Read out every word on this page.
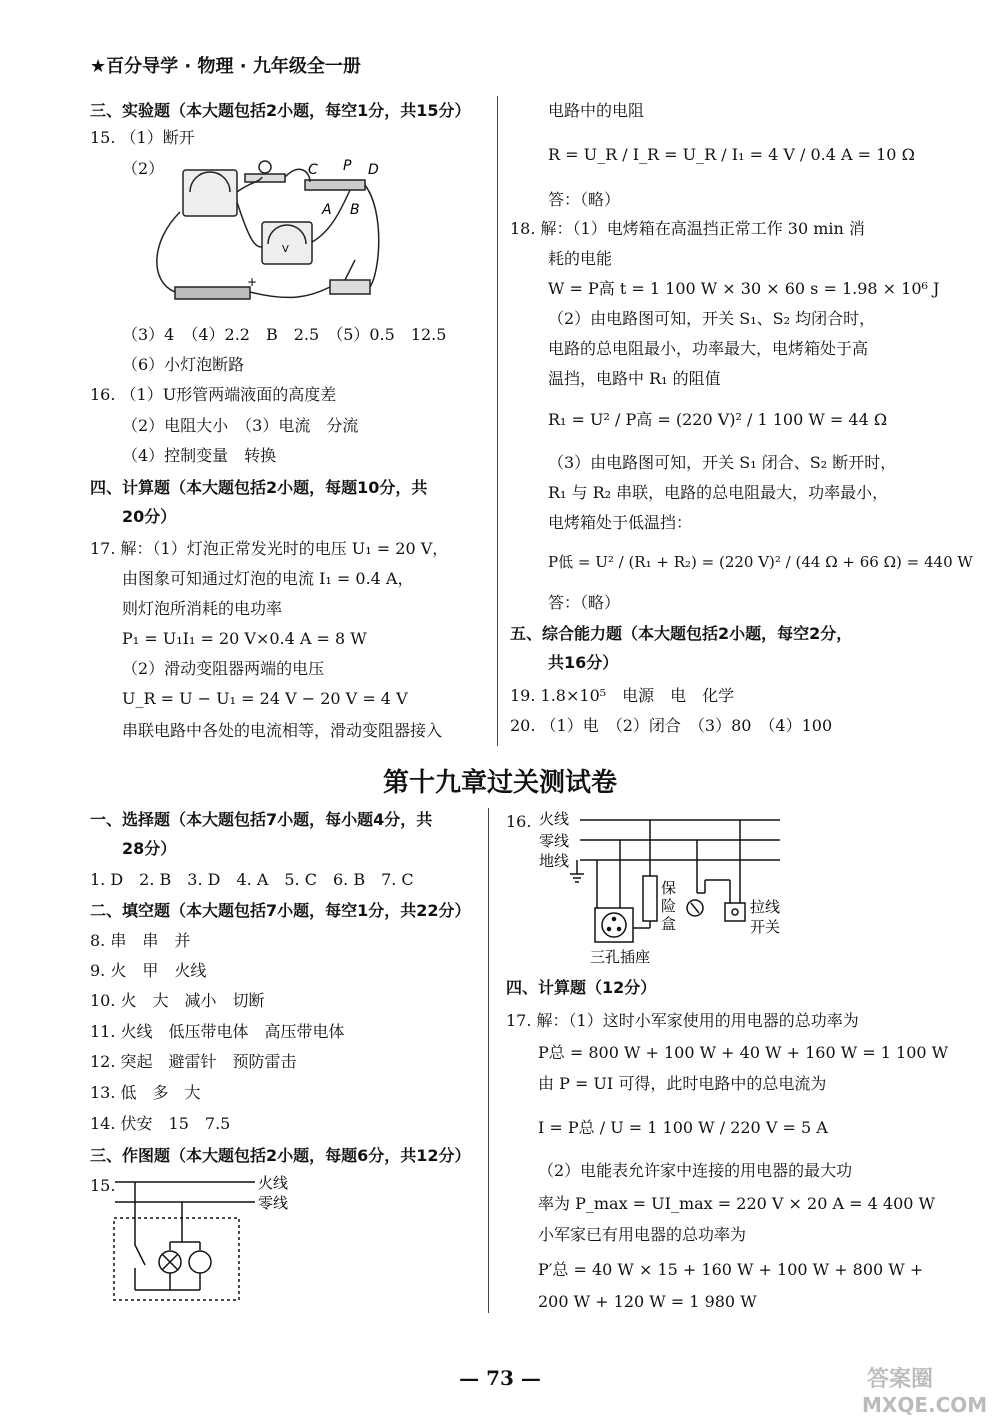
★百分导学 · 物理 · 九年级全一册
三、实验题（本大题包括2小题，每空1分，共15分）
15. （1）断开
（2）
（3）4　（4）2.2　B　2.5　（5）0.5　12.5
（6）小灯泡断路
16. （1）U形管两端液面的高度差
（2）电阻大小　（3）电流　分流
（4）控制变量　转换
四、计算题（本大题包括2小题，每题10分，共
20分）
17. 解：（1）灯泡正常发光时的电压 U₁ = 20 V，
由图象可知通过灯泡的电流 I₁ = 0.4 A，
则灯泡所消耗的电功率
P₁ = U₁I₁ = 20 V×0.4 A = 8 W
（2）滑动变阻器两端的电压
U_R = U − U₁ = 24 V − 20 V = 4 V
串联电路中各处的电流相等，滑动变阻器接入
C P D
A B
V
+
电路中的电阻
R = U_R / I_R = U_R / I₁ = 4 V / 0.4 A = 10 Ω
答：（略）
18. 解：（1）电烤箱在高温挡正常工作 30 min 消
耗的电能
W = P高 t = 1 100 W × 30 × 60 s = 1.98 × 10⁶ J
（2）由电路图可知，开关 S₁、S₂ 均闭合时，
电路的总电阻最小，功率最大，电烤箱处于高
温挡，电路中 R₁ 的阻值
R₁ = U² / P高 = (220 V)² / 1 100 W = 44 Ω
（3）由电路图可知，开关 S₁ 闭合、S₂ 断开时，
R₁ 与 R₂ 串联，电路的总电阻最大，功率最小，
电烤箱处于低温挡：
P低 = U² / (R₁ + R₂) = (220 V)² / (44 Ω + 66 Ω) = 440 W
答：（略）
五、综合能力题（本大题包括2小题，每空2分，
共16分）
19. 1.8×10⁵　电源　电　化学
20. （1）电　（2）闭合　（3）80　（4）100
第十九章过关测试卷
一、选择题（本大题包括7小题，每小题4分，共
28分）
1. D　2. B　3. D　4. A　5. C　6. B　7. C
二、填空题（本大题包括7小题，每空1分，共22分）
8. 串　串　并
9. 火　甲　火线
10. 火　大　减小　切断
11. 火线　低压带电体　高压带电体
12. 突起　避雷针　预防雷击
13. 低　多　大
14. 伏安　15　7.5
三、作图题（本大题包括2小题，每题6分，共12分）
15.	火线
零线
16.
四、计算题（12分）
17. 解：（1）这时小军家使用的用电器的总功率为
P总 = 800 W + 100 W + 40 W + 160 W = 1 100 W
由 P = UI 可得，此时电路中的总电流为
I = P总 / U = 1 100 W / 220 V = 5 A
（2）电能表允许家中连接的用电器的最大功
率为 P_max = UI_max = 220 V × 20 A = 4 400 W
小军家已有用电器的总功率为
P′总 = 40 W × 15 + 160 W + 100 W + 800 W +
200 W + 120 W = 1 980 W
火线
零线
地线
保险盒
三孔插座
拉线开关
— 73 —	答案圈
MXQE.COM
